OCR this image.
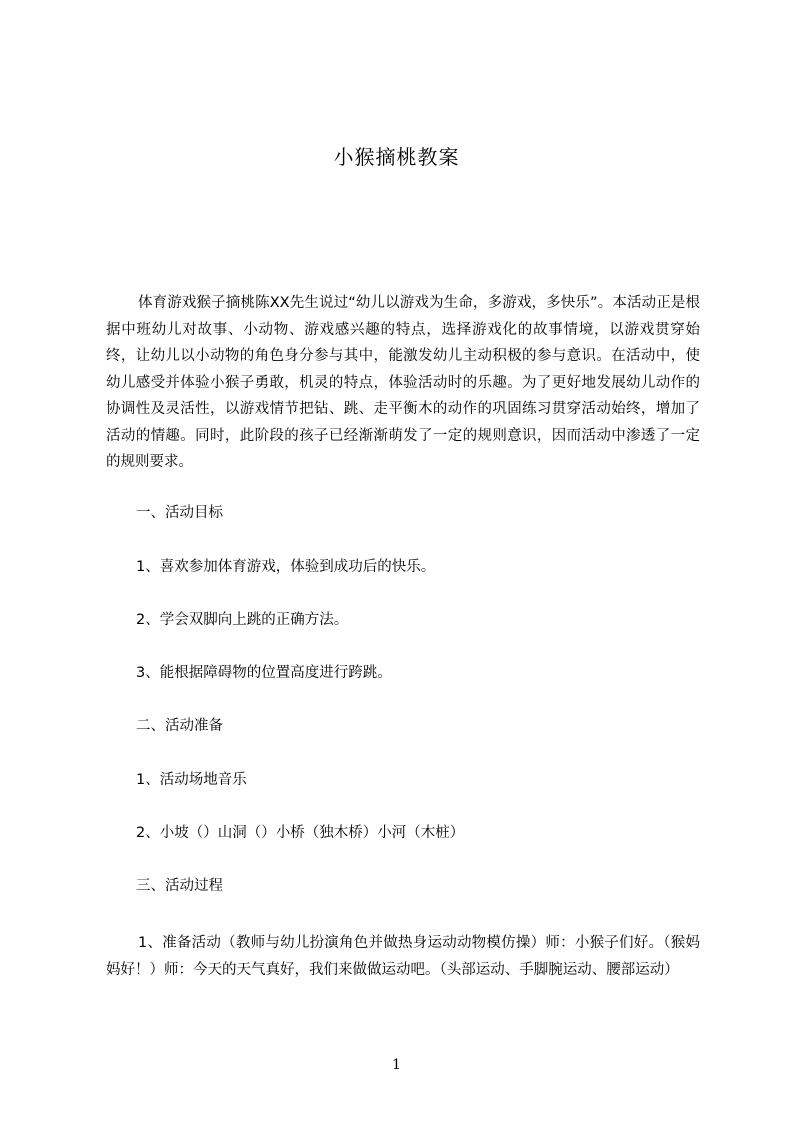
小猴摘桃教案

体育游戏猴子摘桃陈XX先生说过“幼儿以游戏为生命，多游戏，多快乐”。本活动正是根据中班幼儿对故事、小动物、游戏感兴趣的特点，选择游戏化的故事情境，以游戏贯穿始终，让幼儿以小动物的角色身分参与其中，能激发幼儿主动积极的参与意识。在活动中，使幼儿感受并体验小猴子勇敢，机灵的特点，体验活动时的乐趣。为了更好地发展幼儿动作的协调性及灵活性，以游戏情节把钻、跳、走平衡木的动作的巩固练习贯穿活动始终，增加了活动的情趣。同时，此阶段的孩子已经渐渐萌发了一定的规则意识，因而活动中渗透了一定的规则要求。

一、活动目标

1、喜欢参加体育游戏，体验到成功后的快乐。

2、学会双脚向上跳的正确方法。

3、能根据障碍物的位置高度进行跨跳。

二、活动准备

1、活动场地音乐

2、小坡（）山洞（）小桥（独木桥）小河（木桩）

三、活动过程

1、准备活动（教师与幼儿扮演角色并做热身运动动物模仿操）师：小猴子们好。（猴妈妈好！）师：今天的天气真好，我们来做做运动吧。（头部运动、手脚腕运动、腰部运动）

1
